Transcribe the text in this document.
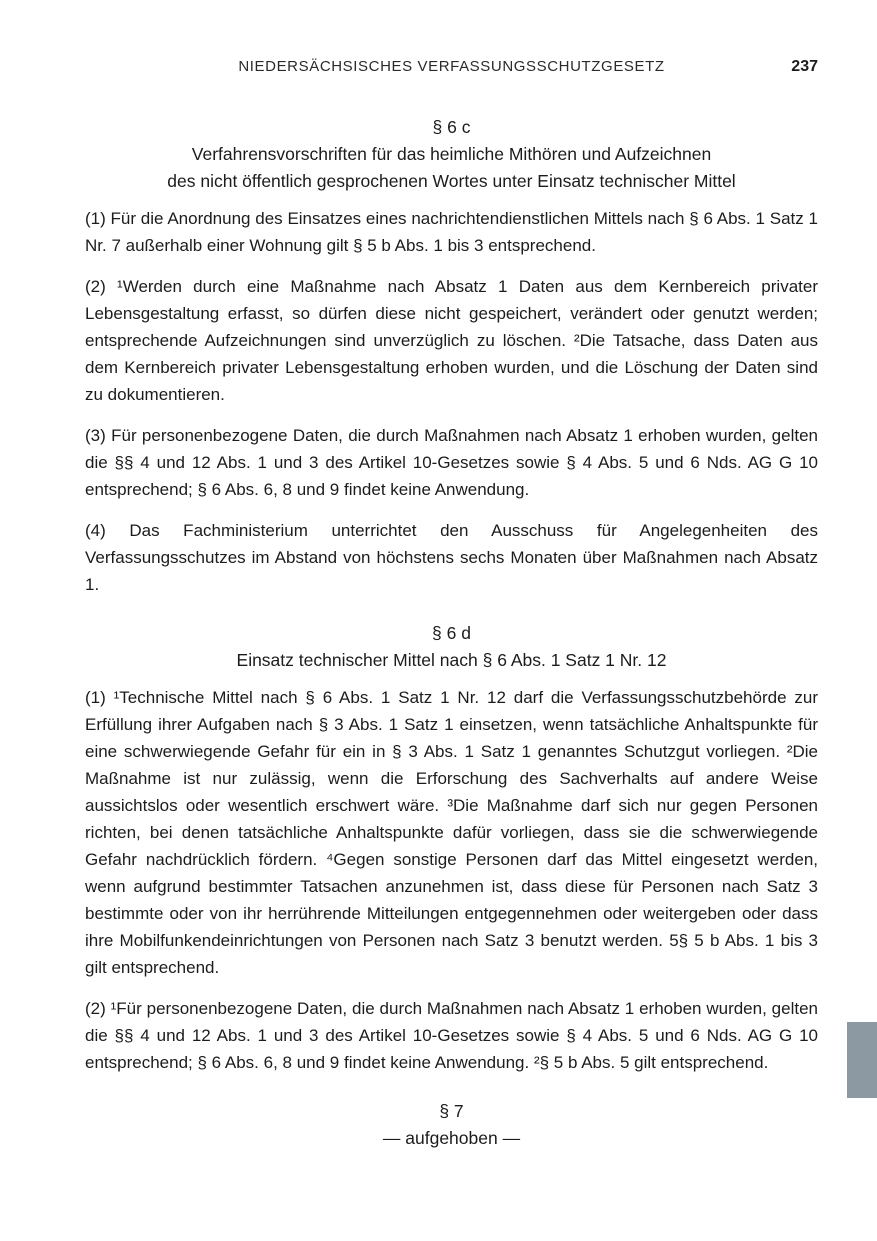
NIEDERSÄCHSISCHES VERFASSUNGSSCHUTZGESETZ	237
§ 6 c
Verfahrensvorschriften für das heimliche Mithören und Aufzeichnen
des nicht öffentlich gesprochenen Wortes unter Einsatz technischer Mittel

(1) Für die Anordnung des Einsatzes eines nachrichtendienstlichen Mittels nach § 6 Abs. 1 Satz 1 Nr. 7 außerhalb einer Wohnung gilt § 5 b Abs. 1 bis 3 entsprechend.

(2) ¹Werden durch eine Maßnahme nach Absatz 1 Daten aus dem Kernbereich privater Lebensgestaltung erfasst, so dürfen diese nicht gespeichert, verändert oder genutzt werden; entsprechende Aufzeichnungen sind unverzüglich zu löschen. ²Die Tatsache, dass Daten aus dem Kernbereich privater Lebensgestaltung erhoben wurden, und die Löschung der Daten sind zu dokumentieren.

(3) Für personenbezogene Daten, die durch Maßnahmen nach Absatz 1 erhoben wurden, gelten die §§ 4 und 12 Abs. 1 und 3 des Artikel 10-Gesetzes sowie § 4 Abs. 5 und 6 Nds. AG G 10 entsprechend; § 6 Abs. 6, 8 und 9 findet keine Anwendung.

(4) Das Fachministerium unterrichtet den Ausschuss für Angelegenheiten des Verfassungsschutzes im Abstand von höchstens sechs Monaten über Maßnahmen nach Absatz 1.

§ 6 d
Einsatz technischer Mittel nach § 6 Abs. 1 Satz 1 Nr. 12

(1) ¹Technische Mittel nach § 6 Abs. 1 Satz 1 Nr. 12 darf die Verfassungsschutzbehörde zur Erfüllung ihrer Aufgaben nach § 3 Abs. 1 Satz 1 einsetzen, wenn tatsächliche Anhaltspunkte für eine schwerwiegende Gefahr für ein in § 3 Abs. 1 Satz 1 genanntes Schutzgut vorliegen. ²Die Maßnahme ist nur zulässig, wenn die Erforschung des Sachverhalts auf andere Weise aussichtslos oder wesentlich erschwert wäre. ³Die Maßnahme darf sich nur gegen Personen richten, bei denen tatsächliche Anhaltspunkte dafür vorliegen, dass sie die schwerwiegende Gefahr nachdrücklich fördern. ⁴Gegen sonstige Personen darf das Mittel eingesetzt werden, wenn aufgrund bestimmter Tatsachen anzunehmen ist, dass diese für Personen nach Satz 3 bestimmte oder von ihr herrührende Mitteilungen entgegennehmen oder weitergeben oder dass ihre Mobilfunkendeinrichtungen von Personen nach Satz 3 benutzt werden. 5§ 5 b Abs. 1 bis 3 gilt entsprechend.

(2) ¹Für personenbezogene Daten, die durch Maßnahmen nach Absatz 1 erhoben wurden, gelten die §§ 4 und 12 Abs. 1 und 3 des Artikel 10-Gesetzes sowie § 4 Abs. 5 und 6 Nds. AG G 10 entsprechend; § 6 Abs. 6, 8 und 9 findet keine Anwendung. ²§ 5 b Abs. 5 gilt entsprechend.

§ 7
— aufgehoben —
